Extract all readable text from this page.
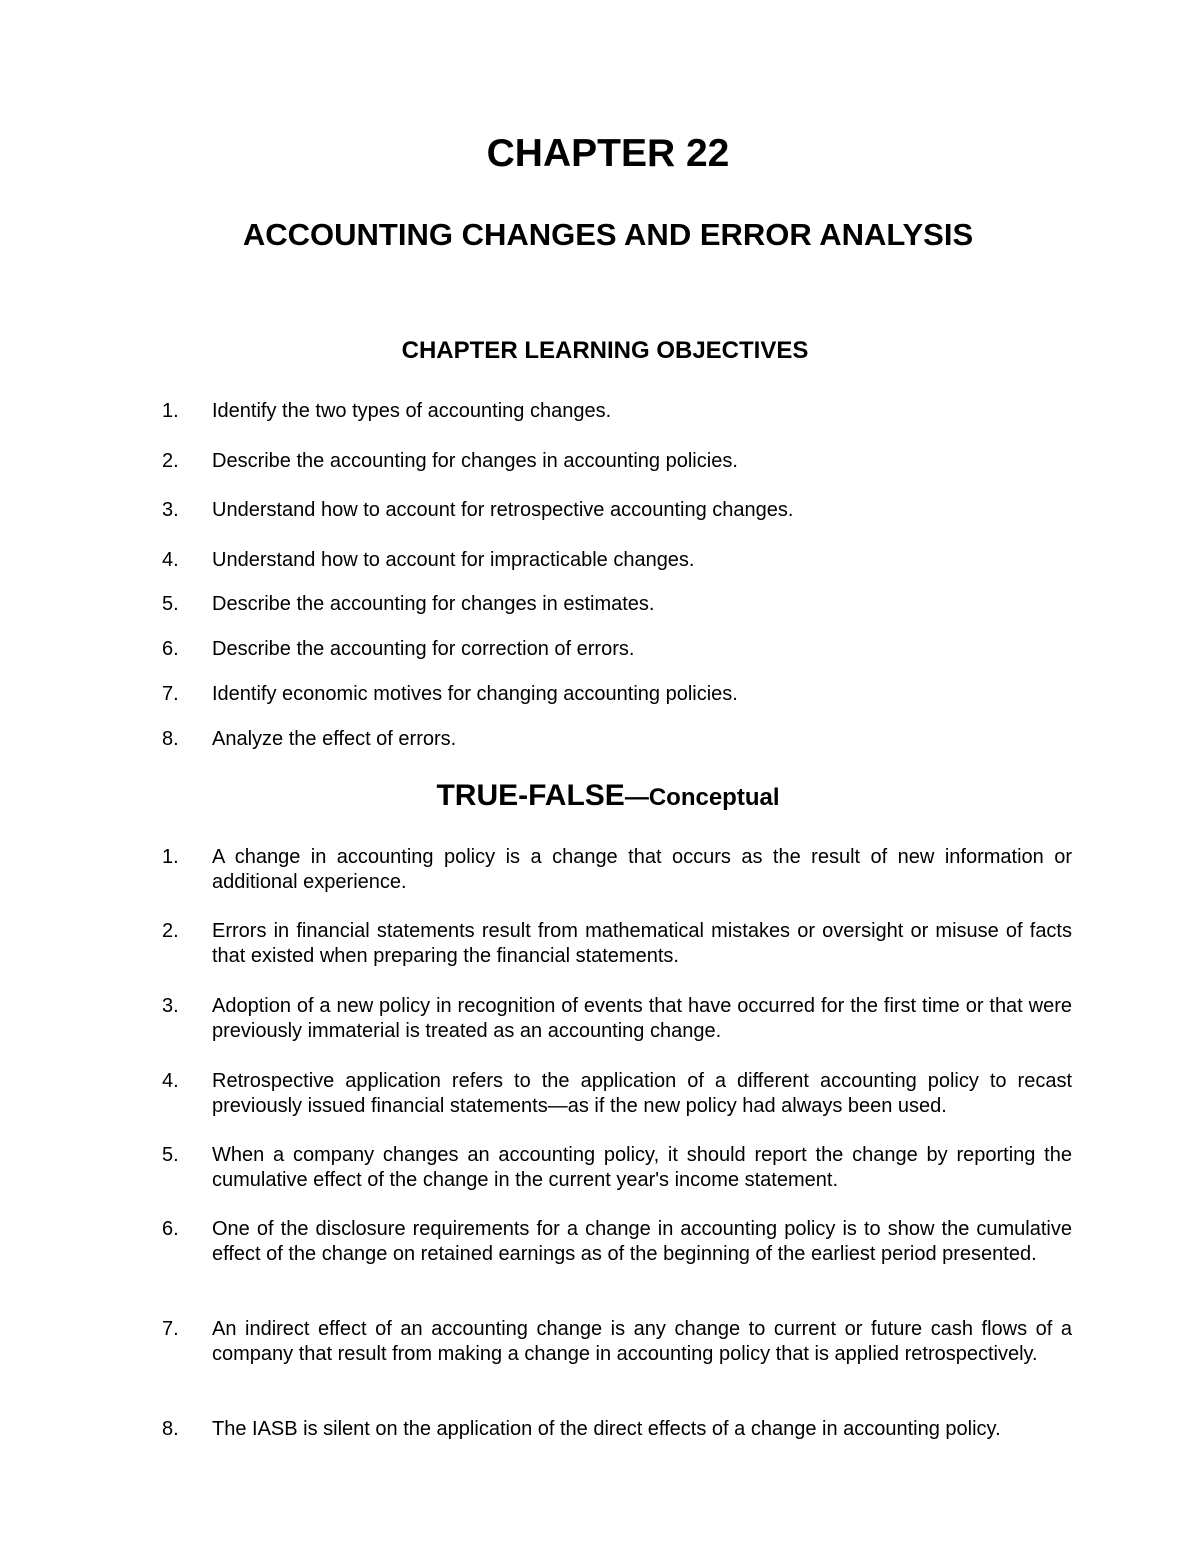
CHAPTER 22
ACCOUNTING CHANGES AND ERROR ANALYSIS
CHAPTER LEARNING OBJECTIVES
1.	Identify the two types of accounting changes.
2.	Describe the accounting for changes in accounting policies.
3.	Understand how to account for retrospective accounting changes.
4.	Understand how to account for impracticable changes.
5.	Describe the accounting for changes in estimates.
6.	Describe the accounting for correction of errors.
7.	Identify economic motives for changing accounting policies.
8.	Analyze the effect of errors.
TRUE-FALSE—Conceptual
1.	A change in accounting policy is a change that occurs as the result of new information or additional experience.
2.	Errors in financial statements result from mathematical mistakes or oversight or misuse of facts that existed when preparing the financial statements.
3.	Adoption of a new policy in recognition of events that have occurred for the first time or that were previously immaterial is treated as an accounting change.
4.	Retrospective application refers to the application of a different accounting policy to recast previously issued financial statements—as if the new policy had always been used.
5.	When a company changes an accounting policy, it should report the change by reporting the cumulative effect of the change in the current year's income statement.
6.	One of the disclosure requirements for a change in accounting policy is to show the cumulative effect of the change on retained earnings as of the beginning of the earliest period presented.
7.	An indirect effect of an accounting change is any change to current or future cash flows of a company that result from making a change in accounting policy that is applied retrospectively.
8.	The IASB is silent on the application of the direct effects of a change in accounting policy.
